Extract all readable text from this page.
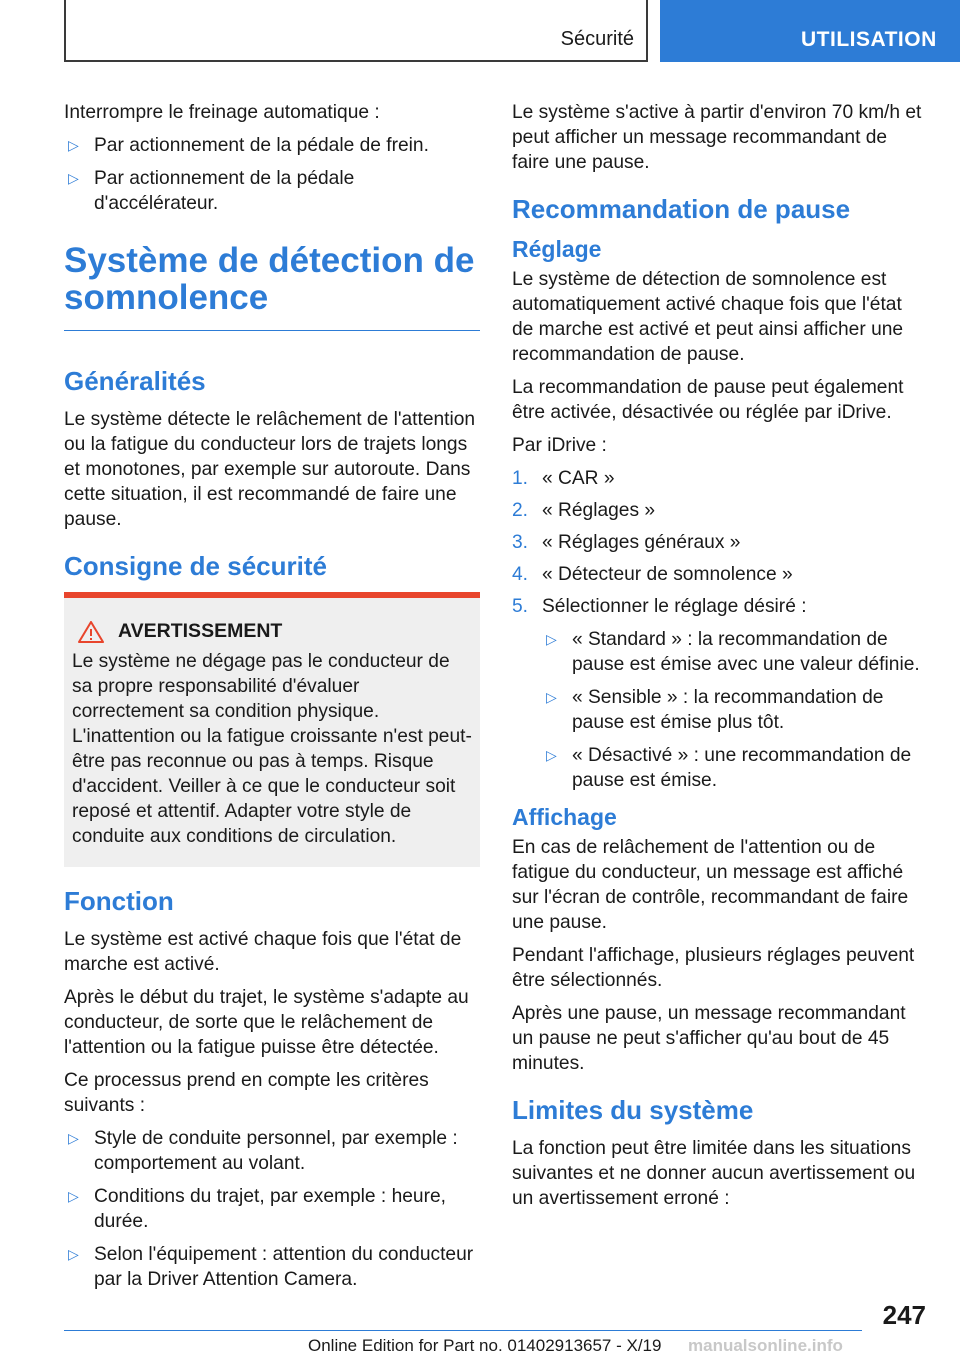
Sécurité	UTILISATION

Interrompre le freinage automatique :

▷ Par actionnement de la pédale de frein.
▷ Par actionnement de la pédale d'accélérateur.
Système de détection de somnolence
Généralités

Le système détecte le relâchement de l'attention ou la fatigue du conducteur lors de trajets longs et monotones, par exemple sur autoroute. Dans cette situation, il est recommandé de faire une pause.

Consigne de sécurité
AVERTISSEMENT

Le système ne dégage pas le conducteur de sa propre responsabilité d'évaluer correctement sa condition physique. L'inattention ou la fatigue croissante n'est peut-être pas reconnue ou pas à temps. Risque d'accident. Veiller à ce que le conducteur soit reposé et attentif. Adapter votre style de conduite aux conditions de circulation.

Fonction

Le système est activé chaque fois que l'état de marche est activé.

Après le début du trajet, le système s'adapte au conducteur, de sorte que le relâchement de l'attention ou la fatigue puisse être détectée.

Ce processus prend en compte les critères suivants :

▷ Style de conduite personnel, par exemple : comportement au volant.
▷ Conditions du trajet, par exemple : heure, durée.
▷ Selon l'équipement : attention du conducteur par la Driver Attention Camera.

Le système s'active à partir d'environ 70 km/h et peut afficher un message recommandant de faire une pause.

Recommandation de pause
Réglage

Le système de détection de somnolence est automatiquement activé chaque fois que l'état de marche est activé et peut ainsi afficher une recommandation de pause.

La recommandation de pause peut également être activée, désactivée ou réglée par iDrive.

Par iDrive :

1. « CAR »
2. « Réglages »
3. « Réglages généraux »
4. « Détecteur de somnolence »
5. Sélectionner le réglage désiré :
▷ « Standard » : la recommandation de pause est émise avec une valeur définie.
▷ « Sensible » : la recommandation de pause est émise plus tôt.
▷ « Désactivé » : une recommandation de pause est émise.
Affichage

En cas de relâchement de l'attention ou de fatigue du conducteur, un message est affiché sur l'écran de contrôle, recommandant de faire une pause.

Pendant l'affichage, plusieurs réglages peuvent être sélectionnés.

Après une pause, un message recommandant un pause ne peut s'afficher qu'au bout de 45 minutes.

Limites du système

La fonction peut être limitée dans les situations suivantes et ne donner aucun avertissement ou un avertissement erroné :

247
Online Edition for Part no. 01402913657 - X/19 manualsonline.info
